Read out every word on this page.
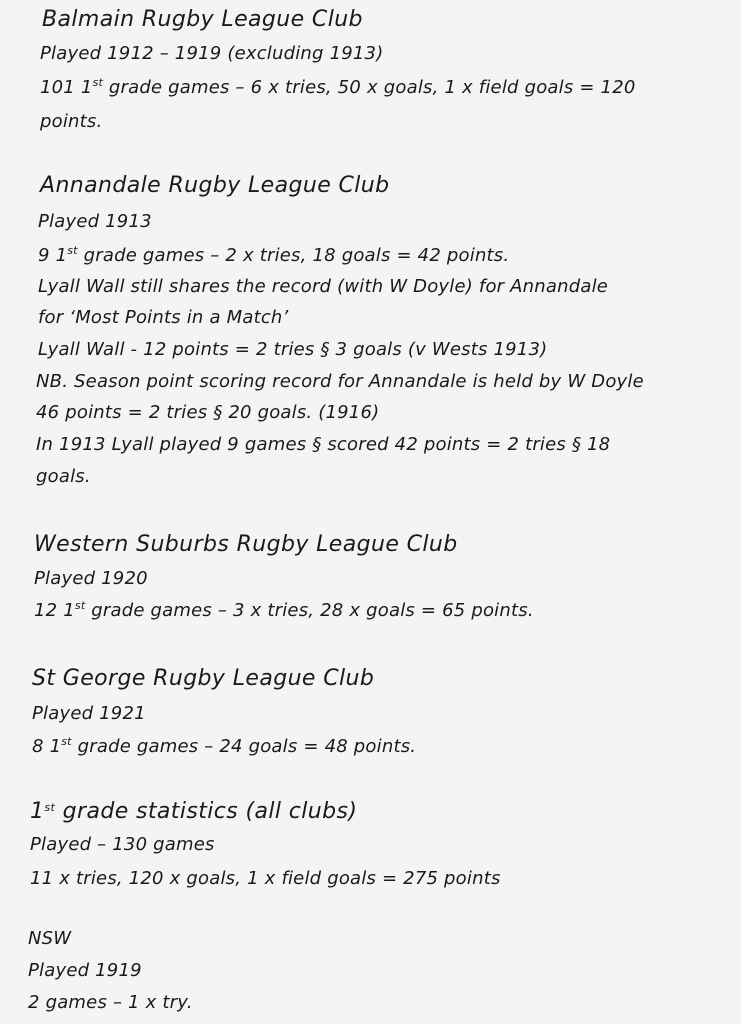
Balmain Rugby League Club
Played 1912 – 1919 (excluding 1913)
101 1st grade games – 6 x tries, 50 x goals, 1 x field goals = 120
points.
Annandale Rugby League Club
Played 1913
9 1st grade games – 2 x tries, 18 goals = 42 points.
Lyall Wall still shares the record (with W Doyle) for Annandale
for ‘Most Points in a Match’
Lyall Wall - 12 points = 2 tries § 3 goals (v Wests 1913)
NB. Season point scoring record for Annandale is held by W Doyle
46 points = 2 tries § 20 goals. (1916)
In 1913 Lyall played 9 games § scored 42 points = 2 tries § 18
goals.
Western Suburbs Rugby League Club
Played 1920
12 1st grade games – 3 x tries, 28 x goals = 65 points.
St George Rugby League Club
Played 1921
8 1st grade games – 24 goals = 48 points.
1st grade statistics (all clubs)
Played – 130 games
11 x tries, 120 x goals, 1 x field goals = 275 points
NSW
Played 1919
2 games – 1 x try.
